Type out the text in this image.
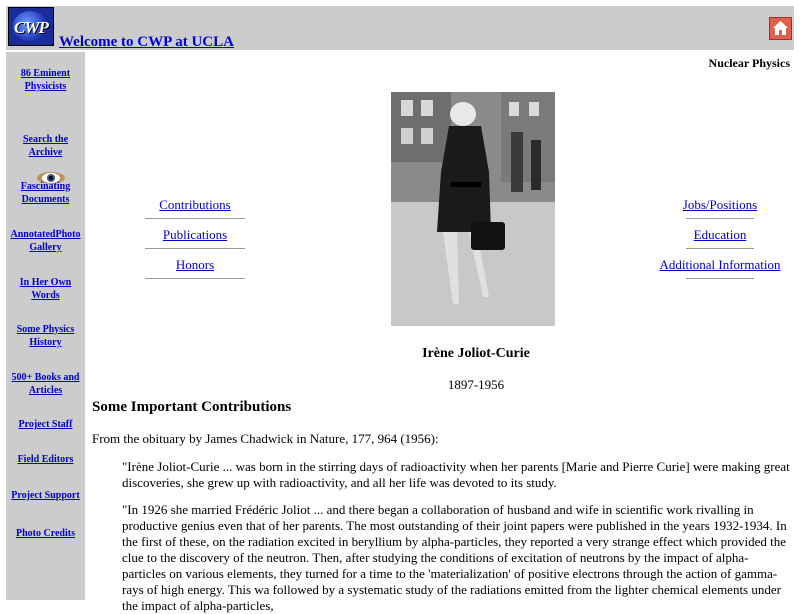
CWP
Welcome to CWP at UCLA
86 Eminent Physicists
Search the Archive
Fascinating Documents
AnnotatedPhoto Gallery
In Her Own Words
Some Physics History
500+ Books and Articles
Project Staff
Field Editors
Project Support
Photo Credits
Nuclear Physics
Contributions
Publications
Honors
Jobs/Positions
Education
Additional Information
Irène Joliot-Curie
1897-1956
Some Important Contributions
From the obituary by James Chadwick in Nature, 177, 964 (1956):
"Irène Joliot-Curie ... was born in the stirring days of radioactivity when her parents [Marie and Pierre Curie] were making great discoveries, she grew up with radioactivity, and all her life was devoted to its study.
"In 1926 she married Frédéric Joliot ... and there began a collaboration of husband and wife in scientific work rivalling in productive genius even that of her parents. The most outstanding of their joint papers were published in the years 1932-1934. In the first of these, on the radiation excited in beryllium by alpha-particles, they reported a very strange effect which provided the clue to the discovery of the neutron. Then, after studying the conditions of excitation of neutrons by the impact of alpha-particles on various elements, they turned for a time to the 'materialization' of positive electrons through the action of gamma-rays of high energy. This wa followed by a systematic study of the radiations emitted from the lighter chemical elements under the impact of alpha-particles,
